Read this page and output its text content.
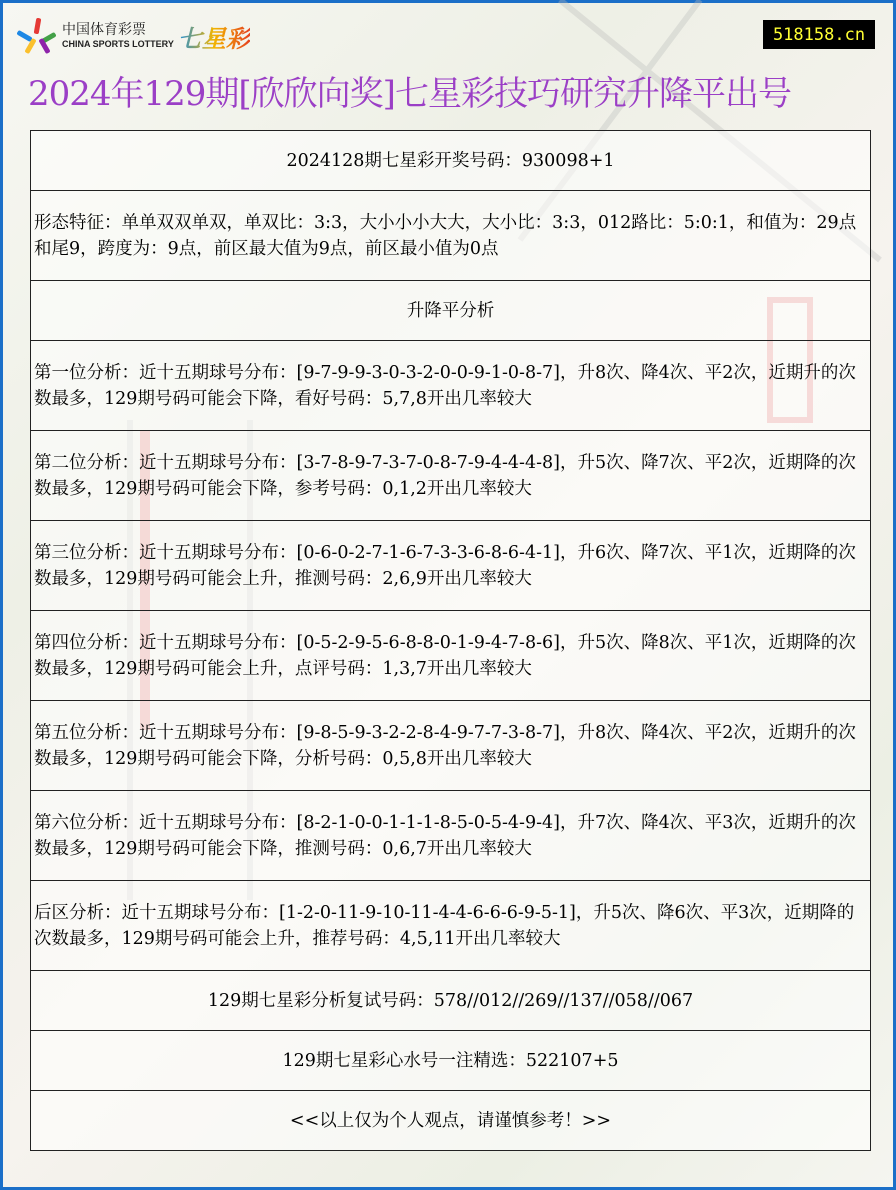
中国体育彩票
CHINA SPORTS LOTTERY 七星彩	518158.cn
2024年129期[欣欣向奖]七星彩技巧研究升降平出号
2024128期七星彩开奖号码：930098+1
形态特征：单单双双单双，单双比：3:3，大小小小大大，大小比：3:3，012路比：5:0:1，和值为：29点 和尾9，跨度为：9点，前区最大值为9点，前区最小值为0点
升降平分析
第一位分析：近十五期球号分布：[9-7-9-9-3-0-3-2-0-0-9-1-0-8-7]，升8次、降4次、平2次，近期升的次数最多，129期号码可能会下降，看好号码：5,7,8开出几率较大
第二位分析：近十五期球号分布：[3-7-8-9-7-3-7-0-8-7-9-4-4-4-8]，升5次、降7次、平2次，近期降的次数最多，129期号码可能会下降，参考号码：0,1,2开出几率较大
第三位分析：近十五期球号分布：[0-6-0-2-7-1-6-7-3-3-6-8-6-4-1]，升6次、降7次、平1次，近期降的次数最多，129期号码可能会上升，推测号码：2,6,9开出几率较大
第四位分析：近十五期球号分布：[0-5-2-9-5-6-8-8-0-1-9-4-7-8-6]，升5次、降8次、平1次，近期降的次数最多，129期号码可能会上升，点评号码：1,3,7开出几率较大
第五位分析：近十五期球号分布：[9-8-5-9-3-2-2-8-4-9-7-7-3-8-7]，升8次、降4次、平2次，近期升的次数最多，129期号码可能会下降，分析号码：0,5,8开出几率较大
第六位分析：近十五期球号分布：[8-2-1-0-0-1-1-1-8-5-0-5-4-9-4]，升7次、降4次、平3次，近期升的次数最多，129期号码可能会下降，推测号码：0,6,7开出几率较大
后区分析：近十五期球号分布：[1-2-0-11-9-10-11-4-4-6-6-6-9-5-1]，升5次、降6次、平3次，近期降的次数最多，129期号码可能会上升，推荐号码：4,5,11开出几率较大
129期七星彩分析复试号码：578//012//269//137//058//067
129期七星彩心水号一注精选：522107+5
<<以上仅为个人观点，请谨慎参考！>>
